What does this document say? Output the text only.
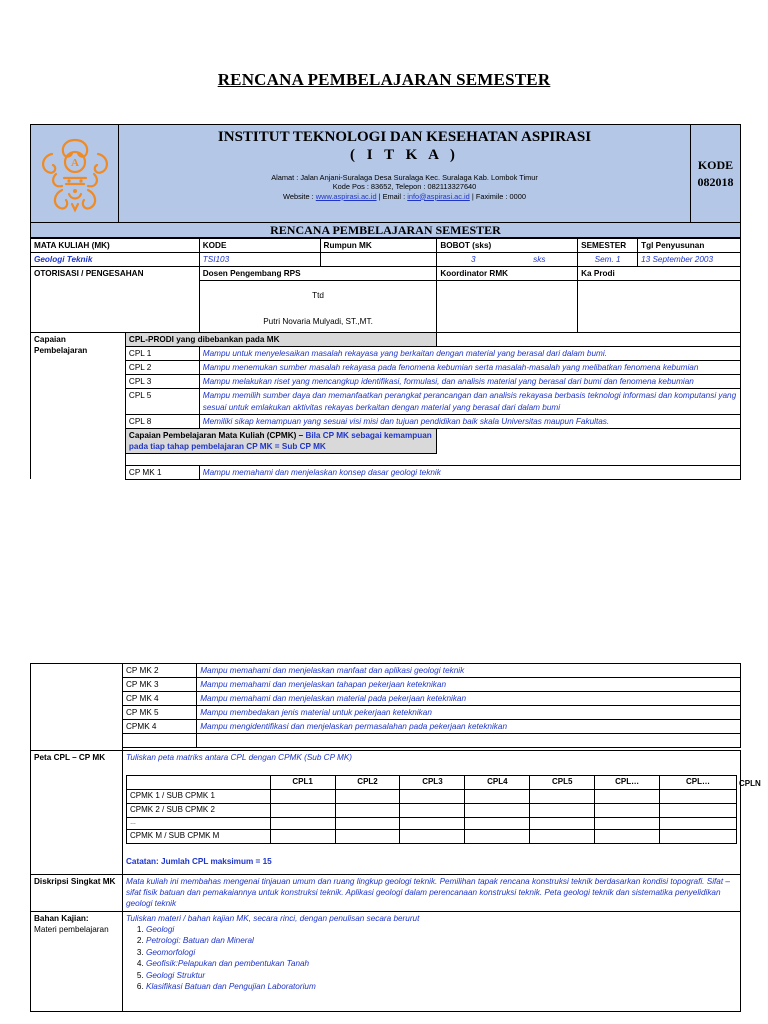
RENCANA PEMBELAJARAN SEMESTER
A
INSTITUT TEKNOLOGI DAN KESEHATAN ASPIRASI
( I T K A )
Alamat : Jalan Anjani-Suralaga Desa Suralaga Kec. Suralaga Kab. Lombok Timur
Kode Pos : 83652, Telepon : 082113327640
Website : www.aspirasi.ac.id | Email : info@aspirasi.ac.id | Faximile : 0000
KODE
082018
RENCANA PEMBELAJARAN SEMESTER
MATA KULIAH (MK)		KODE	Rumpun MK	BOBOT (sks)	SEMESTER	Tgl Penyusunan
Geologi Teknik		TSI103		3 sks	Sem. 1	13 September 2003
OTORISASI / PENGESAHAN		Dosen Pengembang RPS		Koordinator RMK	Ka Prodi	

		Ttd
Putri Novaria Mulyadi, ST.,MT.				

Capaian
Pembelajaran	CPL-PRODI yang dibebankan pada MK					
	CPL 1	Mampu untuk menyelesaikan masalah rekayasa yang berkaitan dengan material yang berasal dari dalam bumi.				
	CPL 2	Mampu menemukan sumber masalah rekayasa pada fenomena kebumian serta masalah-masalah yang melibatkan fenomena kebumian				
	CPL 3	Mampu melakukan riset yang mencangkup identifikasi, formulasi, dan analisis material yang berasal dari bumi dan fenomena kebumian				
	CPL 5	Mampu memilih sumber daya dan memanfaatkan perangkat perancangan dan analisis rekayasa berbasis teknologi informasi dan komputansi yang sesuai untuk emlakukan aktivitas rekayas berkaitan dengan material yang berasal dari dalam bumi				
	CPL 8	Memiliki sikap kemampuan yang sesuai visi misi dan tujuan pendidikan baik skala Universitas maupun Fakultas.				
	Capaian Pembelajaran Mata Kuliah (CPMK) – Bila CP MK sebagai kemampuan pada tiap tahap pembelajaran CP MK = Sub CP MK					

	CP MK 1	Mampu memahami dan menjelaskan konsep dasar geologi teknik				
	CP MK 2	Mampu memahami dan menjelaskan manfaat dan aplikasi geologi teknik
CP MK 3	Mampu memahami dan menjelaskan tahapan pekerjaan keteknikan
CP MK 4	Mampu memahami dan menjelaskan material pada pekerjaan keteknikan
CP MK 5	Mampu membedakan jenis material untuk pekerjaan keteknikan
CPMK 4	Mampu mengidentifikasi dan menjelaskan permasalahan pada pekerjaan keteknikan

Peta CPL – CP MK	Tuliskan peta matriks antara CPL dengan CPMK (Sub CP MK)
	CPL1	CPL2	CPL3	CPL4	CPL5	CPL…	CPL…
CPMK 1 / SUB CPMK 1							
CPMK 2 / SUB CPMK 2							
…							
CPMK M / SUB CPMK M							
Catatan: Jumlah CPL maksimum = 15

Diskripsi Singkat MK	Mata kuliah ini membahas mengenai tinjauan umum dan ruang lingkup geologi teknik. Pemilihan tapak rencana konstruksi teknik berdasarkan kondisi topografi. Sifat – sifat fisik batuan dan pemakaiannya untuk konstruksi teknik. Aplikasi geologi dalam perencanaan konstruksi teknik. Peta geologi teknik dan sistematika penyelidikan geologi teknik

Bahan Kajian:
Materi pembelajaran

Tuliskan materi / bahan kajian MK, secara rinci, dengan penulisan secara berurut
1. Geologi
2. Petrologi: Batuan dan Mineral
3. Geomorfologi
4. Geofisik:Pelapukan dan pembentukan Tanah
5. Geologi Struktur
6. Klasifikasi Batuan dan Pengujian Laboratorium
CPLN
